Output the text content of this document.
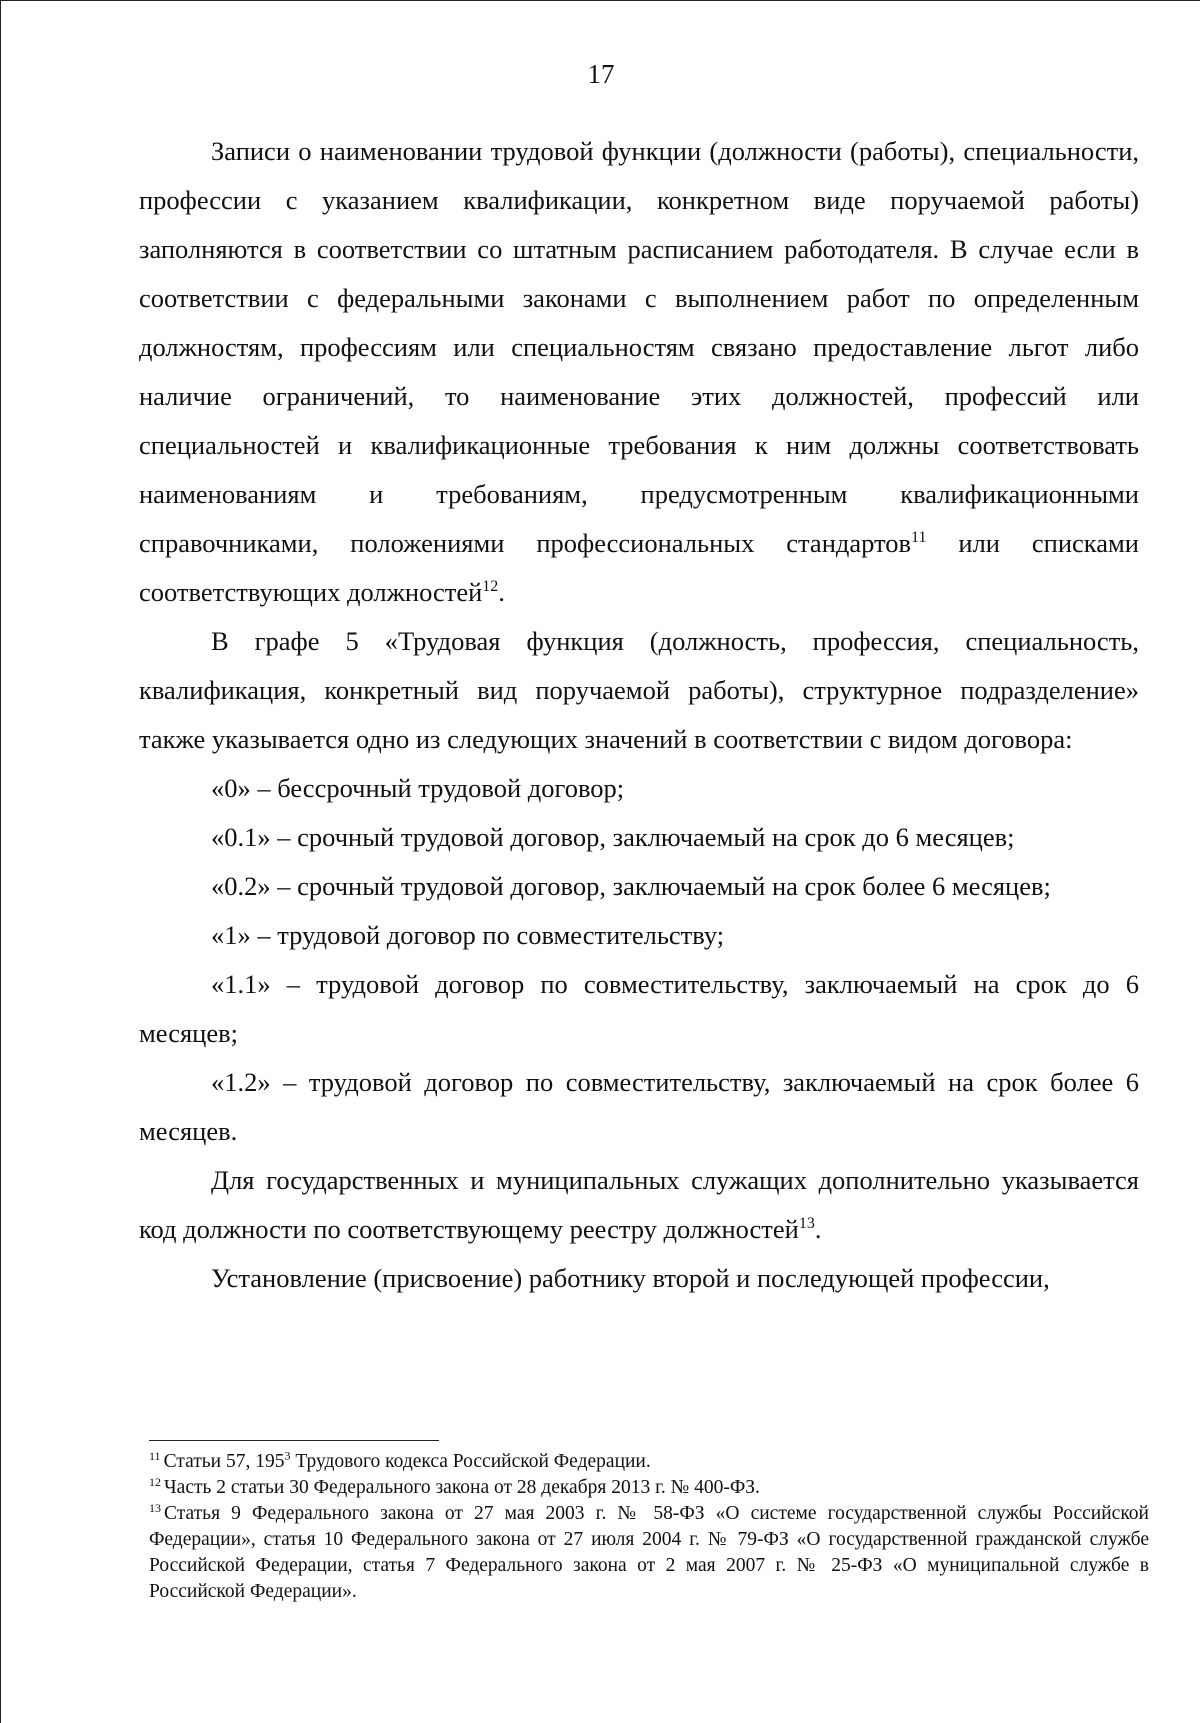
17

Записи о наименовании трудовой функции (должности (работы), специальности, профессии с указанием квалификации, конкретном виде поручаемой работы) заполняются в соответствии со штатным расписанием работодателя. В случае если в соответствии с федеральными законами с выполнением работ по определенным должностям, профессиям или специальностям связано предоставление льгот либо наличие ограничений, то наименование этих должностей, профессий или специальностей и квалификационные требования к ним должны соответствовать наименованиям и требованиям, предусмотренным квалификационными справочниками, положениями профессиональных стандартов$^{11}$ или списками соответствующих должностей$^{12}$.

В графе 5 «Трудовая функция (должность, профессия, специальность, квалификация, конкретный вид поручаемой работы), структурное подразделение» также указывается одно из следующих значений в соответствии с видом договора:

«0» – бессрочный трудовой договор;

«0.1» – срочный трудовой договор, заключаемый на срок до 6 месяцев;

«0.2» – срочный трудовой договор, заключаемый на срок более 6 месяцев;

«1» – трудовой договор по совместительству;

«1.1» – трудовой договор по совместительству, заключаемый на срок до 6 месяцев;

«1.2» – трудовой договор по совместительству, заключаемый на срок более 6 месяцев.

Для государственных и муниципальных служащих дополнительно указывается код должности по соответствующему реестру должностей$^{13}$.

Установление (присвоение) работнику второй и последующей профессии,

$^{11}$ Статьи 57, $195^3$ Трудового кодекса Российской Федерации.

$^{12}$ Часть 2 статьи 30 Федерального закона от 28 декабря 2013 г. № 400-ФЗ.

$^{13}$ Статья 9 Федерального закона от 27 мая 2003 г. № 58-ФЗ «О системе государственной службы Российской Федерации», статья 10 Федерального закона от 27 июля 2004 г. № 79-ФЗ «О государственной гражданской службе Российской Федерации, статья 7 Федерального закона от 2 мая 2007 г. № 25-ФЗ «О муниципальной службе в Российской Федерации».
